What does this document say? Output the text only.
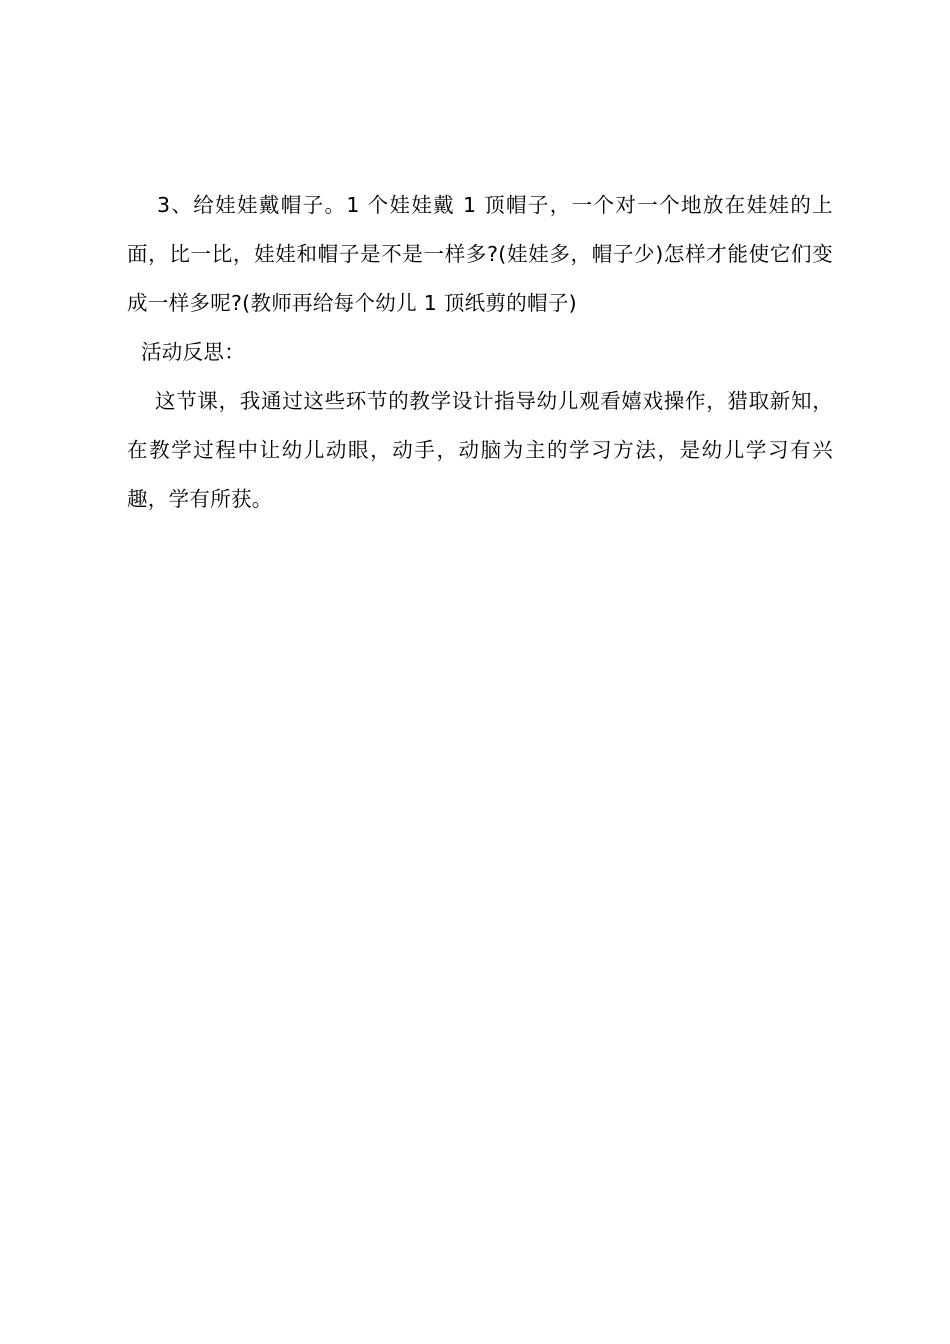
3、给娃娃戴帽子。1 个娃娃戴 1 顶帽子，一个对一个地放在娃娃的上面，比一比，娃娃和帽子是不是一样多?(娃娃多，帽子少)怎样才能使它们变成一样多呢?(教师再给每个幼儿 1 顶纸剪的帽子)

活动反思：

这节课，我通过这些环节的教学设计指导幼儿观看嬉戏操作，猎取新知，在教学过程中让幼儿动眼，动手，动脑为主的学习方法，是幼儿学习有兴趣，学有所获。
